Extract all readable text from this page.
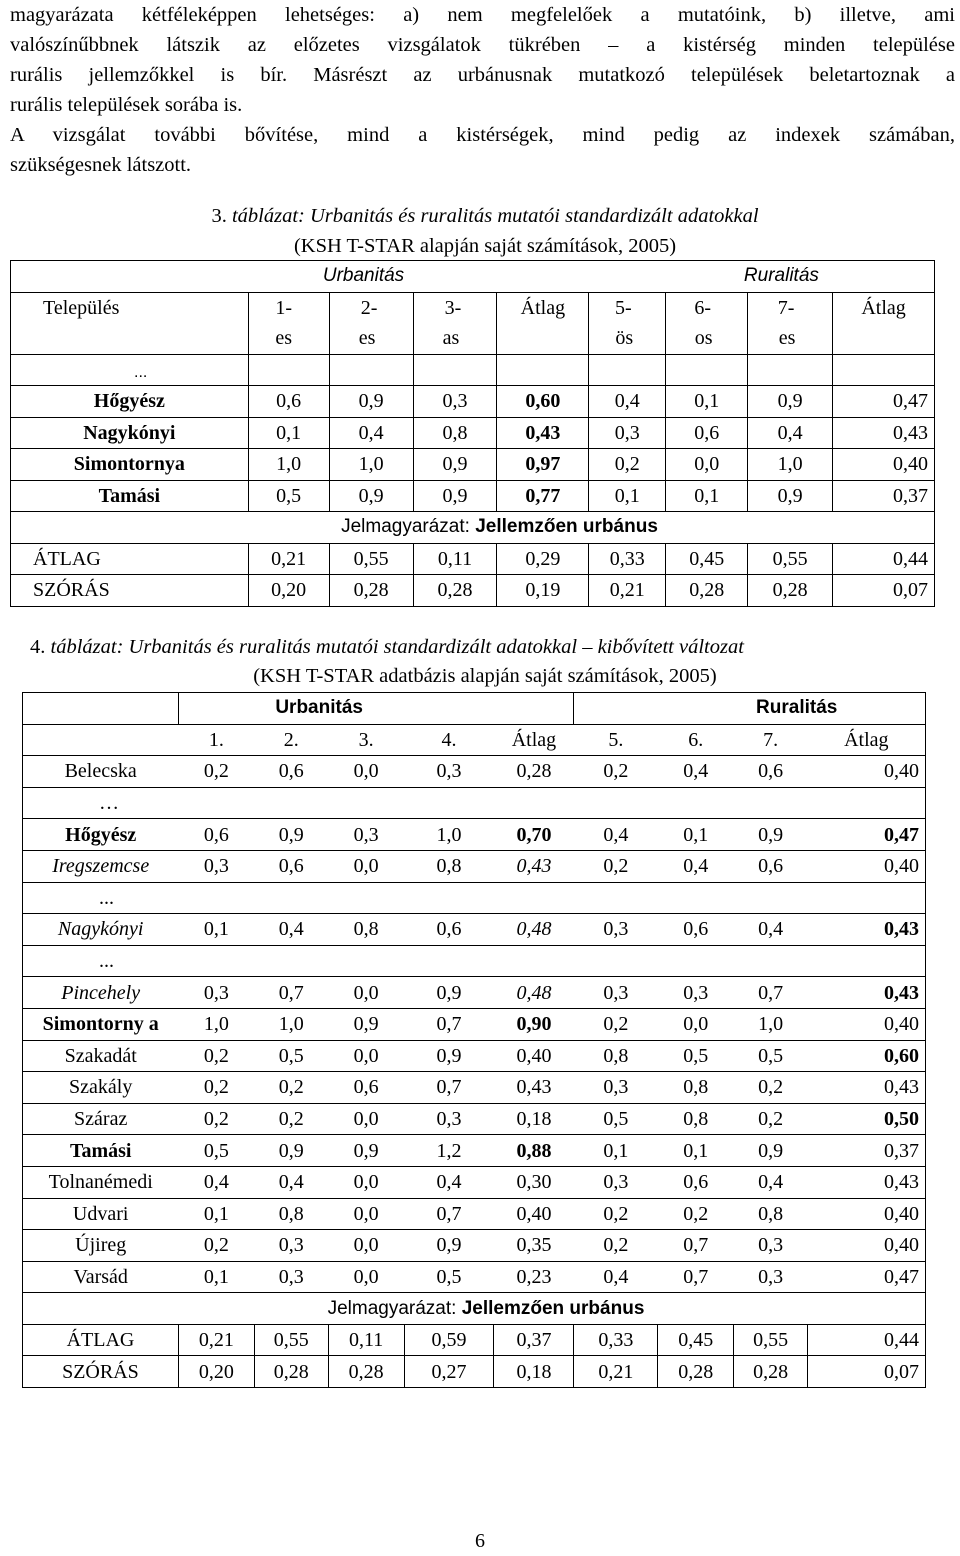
magyarázata kétféleképpen lehetséges: a) nem megfelelőek a mutatóink, b) illetve, ami
valószínűbbnek látszik az előzetes vizsgálatok tükrében – a kistérség minden települése
rurális jellemzőkkel is bír. Másrészt az urbánusnak mutatkozó települések beletartoznak a
rurális települések sorába is.
A vizsgálat további bővítése, mind a kistérségek, mind pedig az indexek számában,
szükségesnek látszott.
3. táblázat: Urbanitás és ruralitás mutatói standardizált adatokkal
(KSH T-STAR alapján saját számítások, 2005)
	Urbanitás				Ruralitás			
Település	1-	2-	3-	Átlag	5-	6-	7-	Átlag
	es	es	as		ös	os	es	

Hőgyész	0,6	0,9	0,3	0,60	0,4	0,1	0,9	0,47
Nagykónyi	0,1	0,4	0,8	0,43	0,3	0,6	0,4	0,43
Simontornya	1,0	1,0	0,9	0,97	0,2	0,0	1,0	0,40
Tamási	0,5	0,9	0,9	0,77	0,1	0,1	0,9	0,37
Jelmagyarázat: Jellemzően urbánus								
ÁTLAG	0,21	0,55	0,11	0,29	0,33	0,45	0,55	0,44
SZÓRÁS	0,20	0,28	0,28	0,19	0,21	0,28	0,28	0,07
...
4. táblázat: Urbanitás és ruralitás mutatói standardizált adatokkal – kibővített változat
(KSH T-STAR adatbázis alapján saját számítások, 2005)
	Urbanitás					Ruralitás			
	1.	2.	3.	4.	Átlag	5.	6.	7.	Átlag
Belecska	0,2	0,6	0,0	0,3	0,28	0,2	0,4	0,6	0,40
…									
Hőgyész	0,6	0,9	0,3	1,0	0,70	0,4	0,1	0,9	0,47
Iregszemcse	0,3	0,6	0,0	0,8	0,43	0,2	0,4	0,6	0,40
...									
Nagykónyi	0,1	0,4	0,8	0,6	0,48	0,3	0,6	0,4	0,43
...									
Pincehely	0,3	0,7	0,0	0,9	0,48	0,3	0,3	0,7	0,43
Simontorny a	1,0	1,0	0,9	0,7	0,90	0,2	0,0	1,0	0,40
Szakadát	0,2	0,5	0,0	0,9	0,40	0,8	0,5	0,5	0,60
Szakály	0,2	0,2	0,6	0,7	0,43	0,3	0,8	0,2	0,43
Száraz	0,2	0,2	0,0	0,3	0,18	0,5	0,8	0,2	0,50
Tamási	0,5	0,9	0,9	1,2	0,88	0,1	0,1	0,9	0,37
Tolnanémedi	0,4	0,4	0,0	0,4	0,30	0,3	0,6	0,4	0,43
Udvari	0,1	0,8	0,0	0,7	0,40	0,2	0,2	0,8	0,40
Újireg	0,2	0,3	0,0	0,9	0,35	0,2	0,7	0,3	0,40
Varsád	0,1	0,3	0,0	0,5	0,23	0,4	0,7	0,3	0,47
Jelmagyarázat: Jellemzően urbánus									
ÁTLAG	0,21	0,55	0,11	0,59	0,37	0,33	0,45	0,55	0,44
SZÓRÁS	0,20	0,28	0,28	0,27	0,18	0,21	0,28	0,28	0,07
6
